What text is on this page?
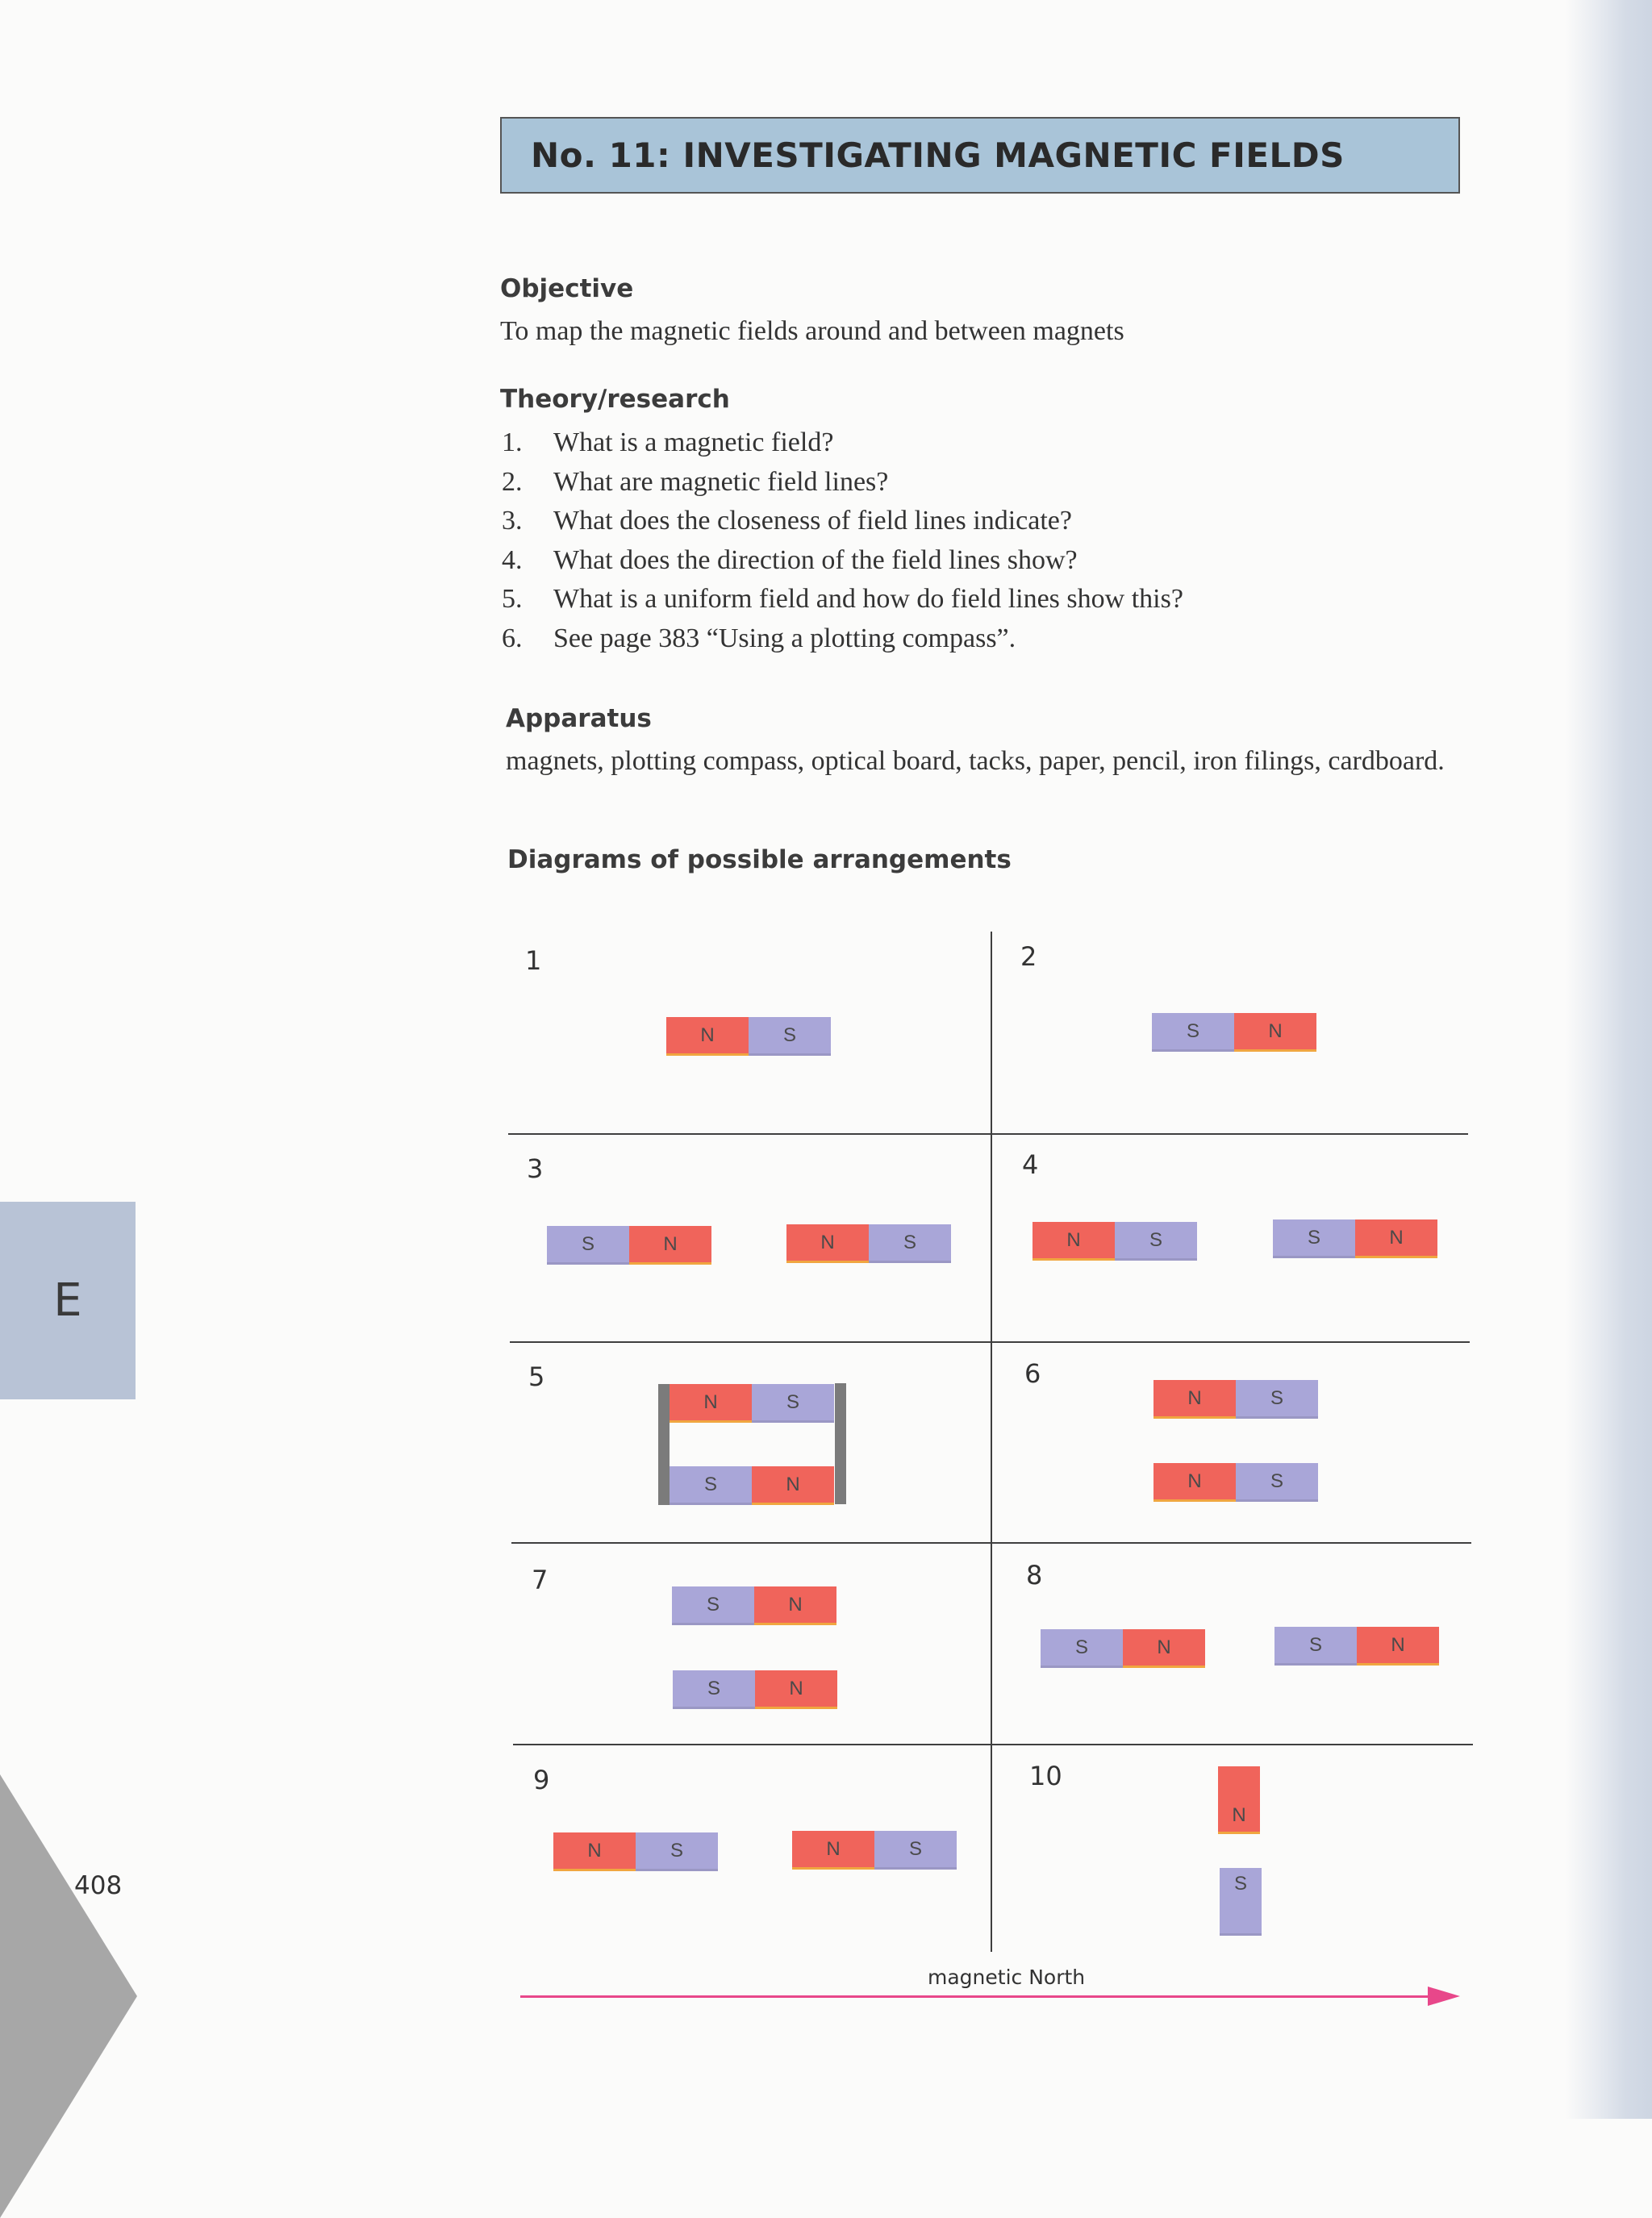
No. 11: INVESTIGATING MAGNETIC FIELDS
Objective
To map the magnetic fields around and between magnets
Theory/research
1.	What is a magnetic field?
2.	What are magnetic field lines?
3.	What does the closeness of field lines indicate?
4.	What does the direction of the field lines show?
5.	What is a uniform field and how do field lines show this?
6.	See page 383 “Using a plotting compass”.
Apparatus
magnets, plotting compass, optical board, tacks, paper, pencil, iron filings, cardboard.
Diagrams of possible arrangements
E
408
1	2
3	4
5	6
7	8
9	10
N	S	S	N
S	N	N	S	N	S	S	N
N	S
S	N
N	S
N	S
S	N
S	N
S	N	S	N
N	S	N	S
N
S
magnetic North
